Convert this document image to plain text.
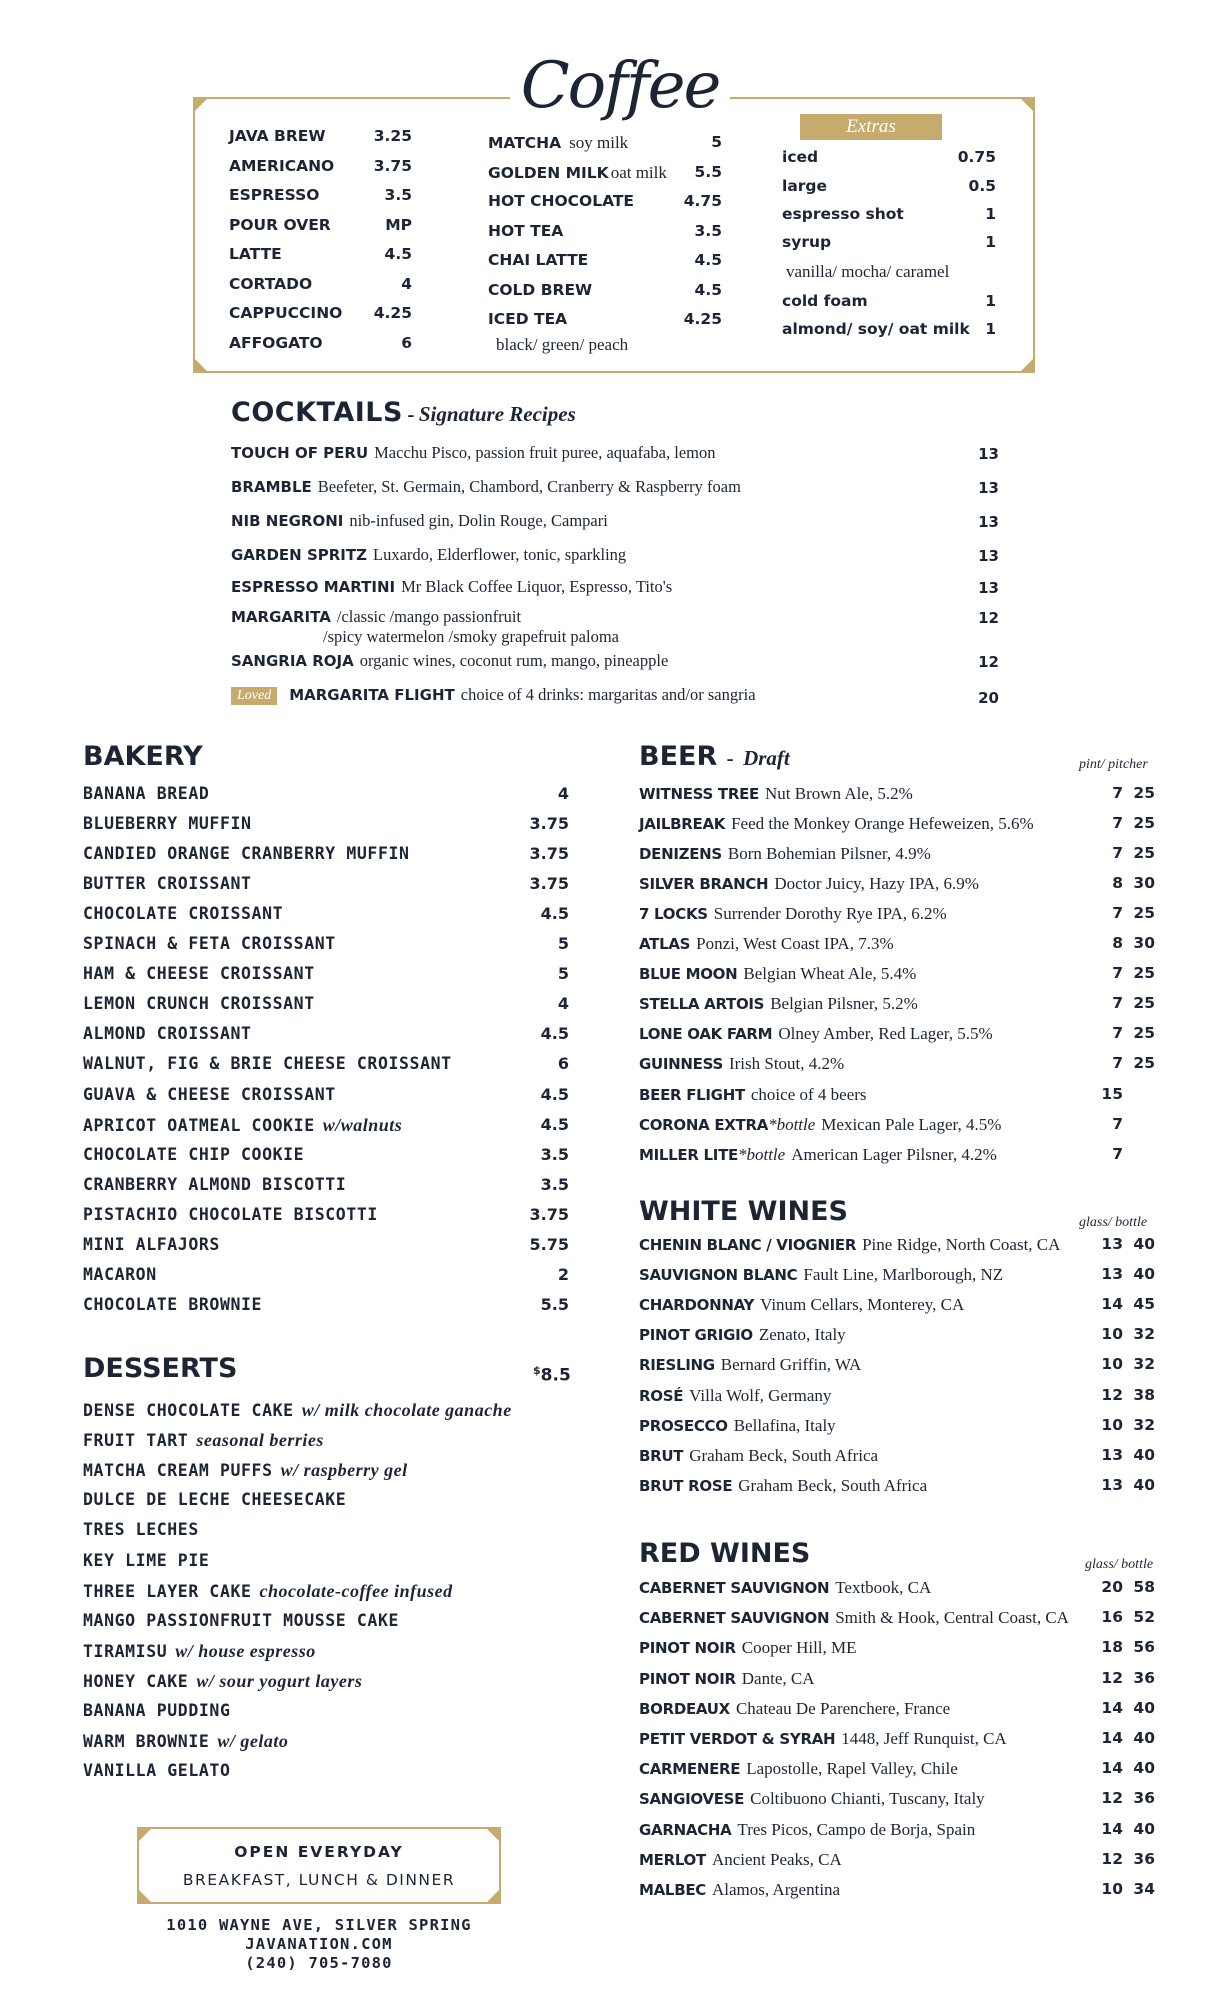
Coffee
JAVA BREW	3.25
AMERICANO	3.75
ESPRESSO	3.5
POUR OVER	MP
LATTE	4.5
CORTADO	4
CAPPUCCINO 4.25
AFFOGATO	6
MATCHA soy milk	5
GOLDEN MILK oat milk 5.5
HOT CHOCOLATE	4.75
HOT TEA	3.5
CHAI LATTE	4.5
COLD BREW	4.5
ICED TEA	4.25
black/ green/ peach
iced	0.75
large	0.5
espresso shot	1
syrup	1
cold foam	1
almond/ soy/ oat milk 1
vanilla/ mocha/ caramel
Extras
COCKTAILS - Signature Recipes
TOUCH OF PERU Macchu Pisco, passion fruit puree, aquafaba, lemon	13
BRAMBLE Beefeter, St. Germain, Chambord, Cranberry & Raspberry foam	13
NIB NEGRONI nib-infused gin, Dolin Rouge, Campari	13
GARDEN SPRITZ Luxardo, Elderflower, tonic, sparkling	13
ESPRESSO MARTINI Mr Black Coffee Liquor, Espresso, Tito's	13
MARGARITA /classic /mango passionfruit	12
/spicy watermelon /smoky grapefruit paloma
SANGRIA ROJA organic wines, coconut rum, mango, pineapple	12
Loved MARGARITA FLIGHT choice of 4 drinks: margaritas and/or sangria	20
BAKERY
BANANA BREAD	4
BLUEBERRY MUFFIN	3.75
CANDIED ORANGE CRANBERRY MUFFIN	3.75
BUTTER CROISSANT	3.75
CHOCOLATE CROISSANT	4.5
SPINACH & FETA CROISSANT	5
HAM & CHEESE CROISSANT	5
LEMON CRUNCH CROISSANT	4
ALMOND CROISSANT	4.5
WALNUT, FIG & BRIE CHEESE CROISSANT	6
GUAVA & CHEESE CROISSANT	4.5
APRICOT OATMEAL COOKIE w/walnuts	4.5
CHOCOLATE CHIP COOKIE	3.5
CRANBERRY ALMOND BISCOTTI	3.5
PISTACHIO CHOCOLATE BISCOTTI	3.75
MINI ALFAJORS	5.75
MACARON	2
CHOCOLATE BROWNIE	5.5
DESSERTS	$8.5
DENSE CHOCOLATE CAKE w/ milk chocolate ganache
FRUIT TART seasonal berries
MATCHA CREAM PUFFS w/ raspberry gel
DULCE DE LECHE CHEESECAKE
TRES LECHES
KEY LIME PIE
THREE LAYER CAKE chocolate-coffee infused
MANGO PASSIONFRUIT MOUSSE CAKE
TIRAMISU w/ house espresso
HONEY CAKE w/ sour yogurt layers
BANANA PUDDING
WARM BROWNIE w/ gelato
VANILLA GELATO
OPEN EVERYDAY
BREAKFAST, LUNCH & DINNER
1010 WAYNE AVE, SILVER SPRING
JAVANATION.COM
(240) 705-7080
BEER - Draft	pint/ pitcher
WITNESS TREE Nut Brown Ale, 5.2%	7 25
JAILBREAK Feed the Monkey Orange Hefeweizen, 5.6%	7 25
DENIZENS Born Bohemian Pilsner, 4.9%	7 25
SILVER BRANCH Doctor Juicy, Hazy IPA, 6.9%	8 30
7 LOCKS Surrender Dorothy Rye IPA, 6.2%	7 25
ATLAS Ponzi, West Coast IPA, 7.3%	8 30
BLUE MOON Belgian Wheat Ale, 5.4%	7 25
STELLA ARTOIS Belgian Pilsner, 5.2%	7 25
LONE OAK FARM Olney Amber, Red Lager, 5.5%	7 25
GUINNESS Irish Stout, 4.2%	7 25
BEER FLIGHT choice of 4 beers	15
CORONA EXTRA*bottle Mexican Pale Lager, 4.5%	7
MILLER LITE*bottle American Lager Pilsner, 4.2%	7
WHITE WINES	glass/ bottle
CHENIN BLANC / VIOGNIER Pine Ridge, North Coast, CA	13 40
SAUVIGNON BLANC Fault Line, Marlborough, NZ	13 40
CHARDONNAY Vinum Cellars, Monterey, CA	14 45
PINOT GRIGIO Zenato, Italy	10 32
RIESLING Bernard Griffin, WA	10 32
ROSÉ Villa Wolf, Germany	12 38
PROSECCO Bellafina, Italy	10 32
BRUT Graham Beck, South Africa	13 40
BRUT ROSE Graham Beck, South Africa	13 40
RED WINES	glass/ bottle
CABERNET SAUVIGNON Textbook, CA	20 58
CABERNET SAUVIGNON Smith & Hook, Central Coast, CA 16 52
PINOT NOIR Cooper Hill, ME	18 56
PINOT NOIR Dante, CA	12 36
BORDEAUX Chateau De Parenchere, France	14 40
PETIT VERDOT & SYRAH 1448, Jeff Runquist, CA	14 40
CARMENERE Lapostolle, Rapel Valley, Chile	14 40
SANGIOVESE Coltibuono Chianti, Tuscany, Italy	12 36
GARNACHA Tres Picos, Campo de Borja, Spain	14 40
MERLOT Ancient Peaks, CA	12 36
MALBEC Alamos, Argentina	10 34
